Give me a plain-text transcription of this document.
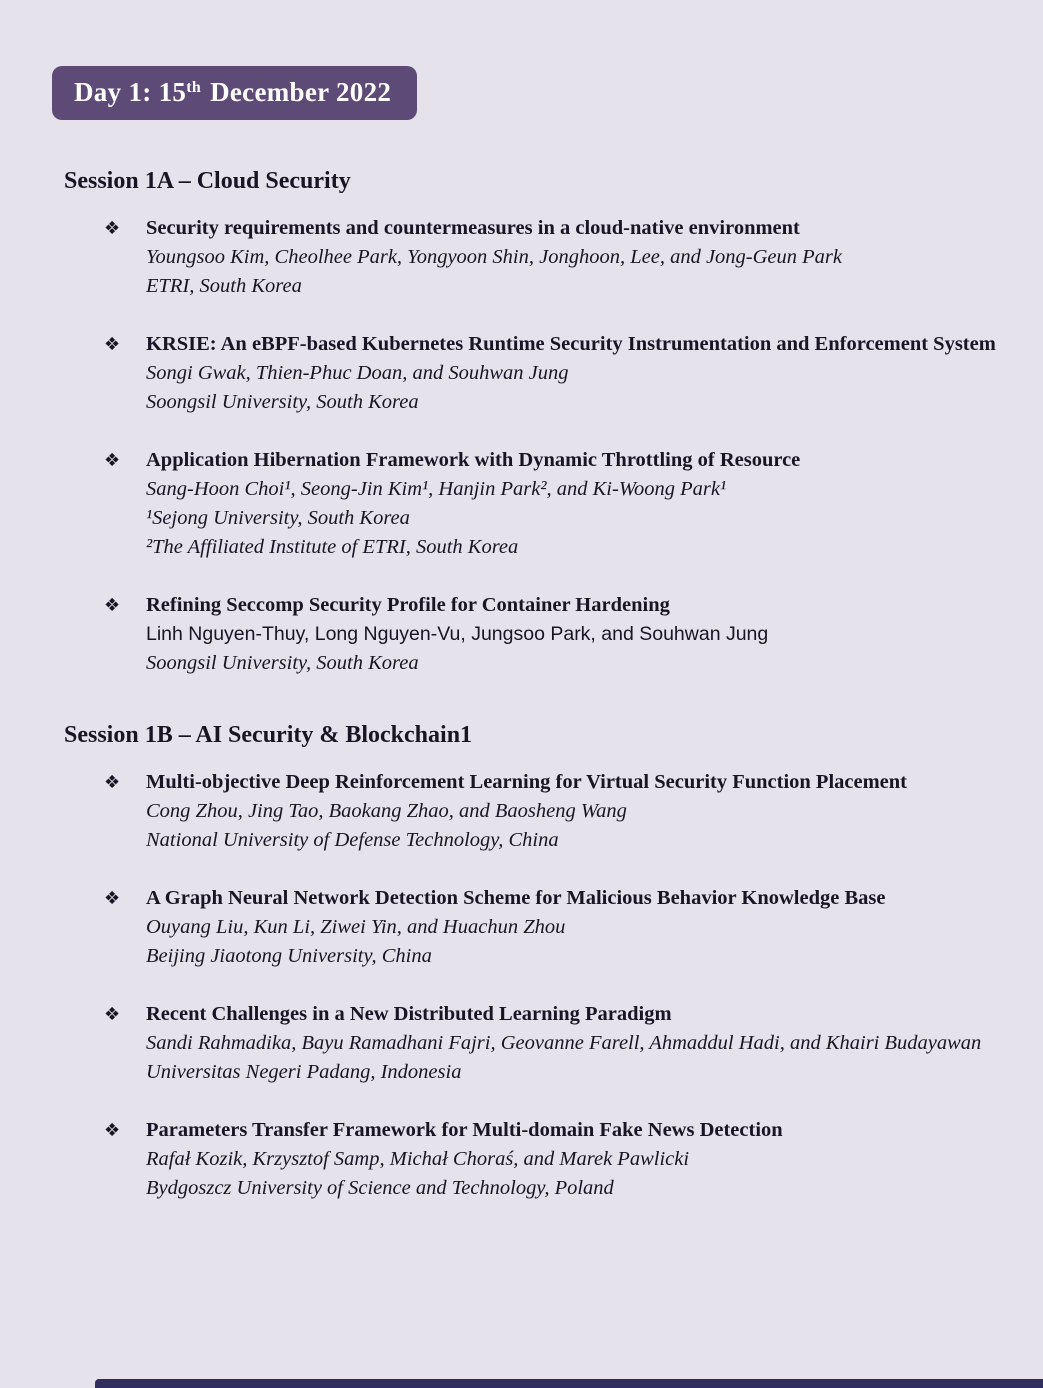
Day 1: 15th December 2022
Session 1A – Cloud Security
❖	Security requirements and countermeasures in a cloud-native environment
Youngsoo Kim, Cheolhee Park, Yongyoon Shin, Jonghoon, Lee, and Jong-Geun Park
ETRI, South Korea
❖	KRSIE: An eBPF-based Kubernetes Runtime Security Instrumentation and Enforcement System
Songi Gwak, Thien-Phuc Doan, and Souhwan Jung
Soongsil University, South Korea
❖	Application Hibernation Framework with Dynamic Throttling of Resource
Sang-Hoon Choi¹, Seong-Jin Kim¹, Hanjin Park², and Ki-Woong Park¹
¹Sejong University, South Korea
²The Affiliated Institute of ETRI, South Korea
❖	Refining Seccomp Security Profile for Container Hardening
Linh Nguyen-Thuy, Long Nguyen-Vu, Jungsoo Park, and Souhwan Jung
Soongsil University, South Korea
Session 1B – AI Security & Blockchain1
❖	Multi-objective Deep Reinforcement Learning for Virtual Security Function Placement
Cong Zhou, Jing Tao, Baokang Zhao, and Baosheng Wang
National University of Defense Technology, China
❖	A Graph Neural Network Detection Scheme for Malicious Behavior Knowledge Base
Ouyang Liu, Kun Li, Ziwei Yin, and Huachun Zhou
Beijing Jiaotong University, China
❖	Recent Challenges in a New Distributed Learning Paradigm
Sandi Rahmadika, Bayu Ramadhani Fajri, Geovanne Farell, Ahmaddul Hadi, and Khairi Budayawan
Universitas Negeri Padang, Indonesia
❖	Parameters Transfer Framework for Multi-domain Fake News Detection
Rafał Kozik, Krzysztof Samp, Michał Choraś, and Marek Pawlicki
Bydgoszcz University of Science and Technology, Poland
